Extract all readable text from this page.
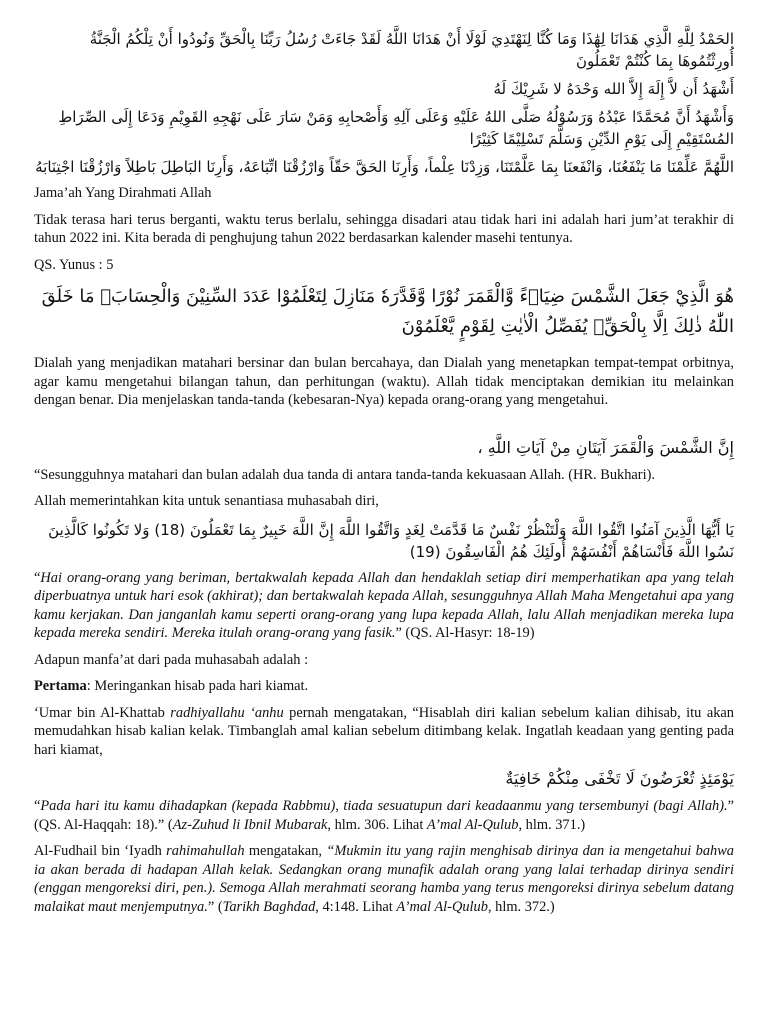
الحَمْدُ لِلَّهِ الَّذِي هَدَانَا لِهَٰذَا وَمَا كُنَّا لِنَهْتَدِيَ لَوْلَا أَنْ هَدَانَا اللَّهُ لَقَدْ جَاءَتْ رُسُلُ رَبِّنَا بِالْحَقِّ وَنُودُوا أَنْ تِلْكُمُ الْجَنَّةُ أُورِثْتُمُوهَا بِمَا كُنْتُمْ تَعْمَلُونَ

أَشْهَدُ أَن لاَّ إِلَهَ إِلاَّ الله وَحْدَهُ لا شَرِيْكَ لَهُ

وَأَشْهَدُ أَنَّ مُحَمَّدًا عَبْدُهُ وَرَسُوْلُهُ صَلَّى اللهُ عَلَيْهِ وَعَلَى آلِهِ وَأَصْحابِهِ وَمَنْ سَارَ عَلَى نَهْجِهِ القَوِيْمِ وَدَعَا إِلَى الصِّرَاطِ المُسْتَقِيْمِ إِلَى يَوْمِ الدِّيْنِ وَسَلَّمَ تَسْلِيْمًا كَثِيْرًا

اللَّهُمَّ عَلِّمْنَا مَا يَنْفَعُنَا، وَانْفَعنَا بِمَا عَلَّمْتَنَا، وَزِدْنَا عِلْماً، وَأَرِنَا الحَقَّ حَقّاً وَارْزُقْنَا اتِّبَاعَهُ، وَأَرِنَا البَاطِلَ بَاطِلاً وَارْزُقْنَا اجْتِنَابَهُ

Jama’ah Yang Dirahmati Allah

Tidak terasa hari terus berganti, waktu terus berlalu, sehingga disadari atau tidak hari ini adalah hari jum’at terakhir di tahun 2022 ini. Kita berada di penghujung tahun 2022 berdasarkan kalender masehi tentunya.

QS. Yunus : 5

هُوَ الَّذِيْ جَعَلَ الشَّمْسَ ضِيَاۤءً وَّالْقَمَرَ نُوْرًا وَّقَدَّرَهٗ مَنَازِلَ لِتَعْلَمُوْا عَدَدَ السِّنِيْنَ وَالْحِسَابَۗ مَا خَلَقَ اللّٰهُ ذٰلِكَ اِلَّا بِالْحَقِّۗ يُفَصِّلُ الْاٰيٰتِ لِقَوْمٍ يَّعْلَمُوْنَ

Dialah yang menjadikan matahari bersinar dan bulan bercahaya, dan Dialah yang menetapkan tempat-tempat orbitnya, agar kamu mengetahui bilangan tahun, dan perhitungan (waktu). Allah tidak menciptakan demikian itu melainkan dengan benar. Dia menjelaskan tanda-tanda (kebesaran-Nya) kepada orang-orang yang mengetahui.

إِنَّ الشَّمْسَ وَالْقَمَرَ آيَتَانِ مِنْ آيَاتِ اللَّهِ ،

“Sesungguhnya matahari dan bulan adalah dua tanda di antara tanda-tanda kekuasaan Allah. (HR. Bukhari).

Allah memerintahkan kita untuk senantiasa muhasabah diri,

يَا أَيُّهَا الَّذِينَ آمَنُوا اتَّقُوا اللَّهَ وَلْتَنْظُرْ نَفْسٌ مَا قَدَّمَتْ لِغَدٍ وَاتَّقُوا اللَّهَ إِنَّ اللَّهَ خَبِيرٌ بِمَا تَعْمَلُونَ (18) وَلا تَكُونُوا كَالَّذِينَ نَسُوا اللَّهَ فَأَنْسَاهُمْ أَنْفُسَهُمْ أُولَئِكَ هُمُ الْفَاسِقُونَ (19)

“Hai orang-orang yang beriman, bertakwalah kepada Allah dan hendaklah setiap diri memperhatikan apa yang telah diperbuatnya untuk hari esok (akhirat); dan bertakwalah kepada Allah, sesungguhnya Allah Maha Mengetahui apa yang kamu kerjakan. Dan janganlah kamu seperti orang-orang yang lupa kepada Allah, lalu Allah menjadikan mereka lupa kepada mereka sendiri. Mereka itulah orang-orang yang fasik.” (QS. Al-Hasyr: 18-19)

Adapun manfa’at dari pada muhasabah adalah :

Pertama: Meringankan hisab pada hari kiamat.

‘Umar bin Al-Khattab radhiyallahu ‘anhu pernah mengatakan, “Hisablah diri kalian sebelum kalian dihisab, itu akan memudahkan hisab kalian kelak. Timbanglah amal kalian sebelum ditimbang kelak. Ingatlah keadaan yang genting pada hari kiamat,

يَوْمَئِذٍ تُعْرَضُونَ لَا تَخْفَى مِنْكُمْ خَافِيَةٌ

“Pada hari itu kamu dihadapkan (kepada Rabbmu), tiada sesuatupun dari keadaanmu yang tersembunyi (bagi Allah).” (QS. Al-Haqqah: 18).” (Az-Zuhud li Ibnil Mubarak, hlm. 306. Lihat A’mal Al-Qulub, hlm. 371.)

Al-Fudhail bin ‘Iyadh rahimahullah mengatakan, “Mukmin itu yang rajin menghisab dirinya dan ia mengetahui bahwa ia akan berada di hadapan Allah kelak. Sedangkan orang munafik adalah orang yang lalai terhadap dirinya sendiri (enggan mengoreksi diri, pen.). Semoga Allah merahmati seorang hamba yang terus mengoreksi dirinya sebelum datang malaikat maut menjemputnya.” (Tarikh Baghdad, 4:148. Lihat A’mal Al-Qulub, hlm. 372.)
